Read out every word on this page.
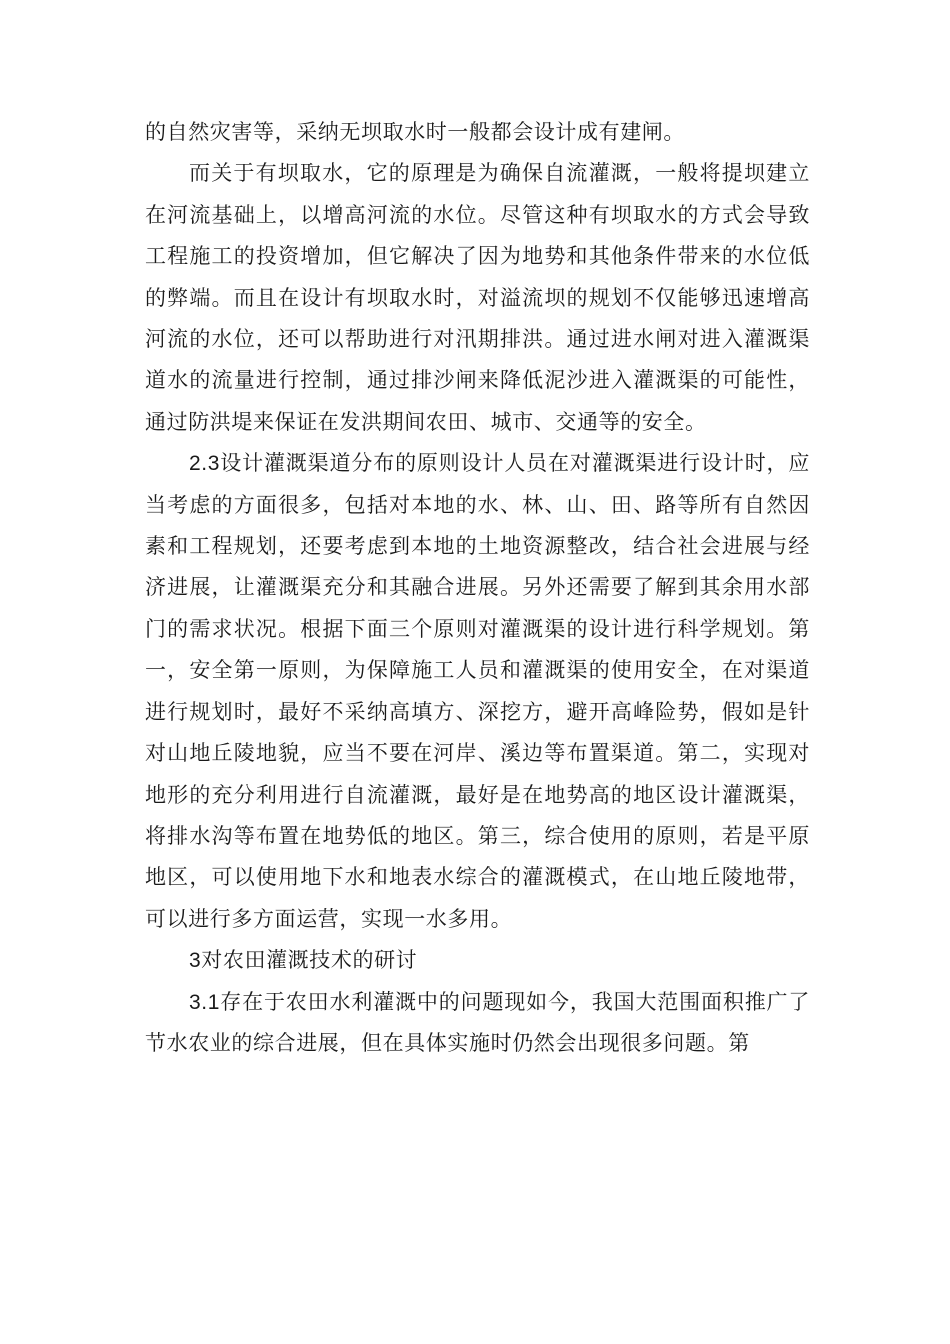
的自然灾害等，采纳无坝取水时一般都会设计成有建闸。

而关于有坝取水，它的原理是为确保自流灌溉，一般将提坝建立在河流基础上，以增高河流的水位。尽管这种有坝取水的方式会导致工程施工的投资增加，但它解决了因为地势和其他条件带来的水位低的弊端。而且在设计有坝取水时，对溢流坝的规划不仅能够迅速增高河流的水位，还可以帮助进行对汛期排洪。通过进水闸对进入灌溉渠道水的流量进行控制，通过排沙闸来降低泥沙进入灌溉渠的可能性，通过防洪堤来保证在发洪期间农田、城市、交通等的安全。

2.3设计灌溉渠道分布的原则设计人员在对灌溉渠进行设计时，应当考虑的方面很多，包括对本地的水、林、山、田、路等所有自然因素和工程规划，还要考虑到本地的土地资源整改，结合社会进展与经济进展，让灌溉渠充分和其融合进展。另外还需要了解到其余用水部门的需求状况。根据下面三个原则对灌溉渠的设计进行科学规划。第一，安全第一原则，为保障施工人员和灌溉渠的使用安全，在对渠道进行规划时，最好不采纳高填方、深挖方，避开高峰险势，假如是针对山地丘陵地貌，应当不要在河岸、溪边等布置渠道。第二，实现对地形的充分利用进行自流灌溉，最好是在地势高的地区设计灌溉渠，将排水沟等布置在地势低的地区。第三，综合使用的原则，若是平原地区，可以使用地下水和地表水综合的灌溉模式，在山地丘陵地带，可以进行多方面运营，实现一水多用。

3对农田灌溉技术的研讨

3.1存在于农田水利灌溉中的问题现如今，我国大范围面积推广了节水农业的综合进展，但在具体实施时仍然会出现很多问题。第
